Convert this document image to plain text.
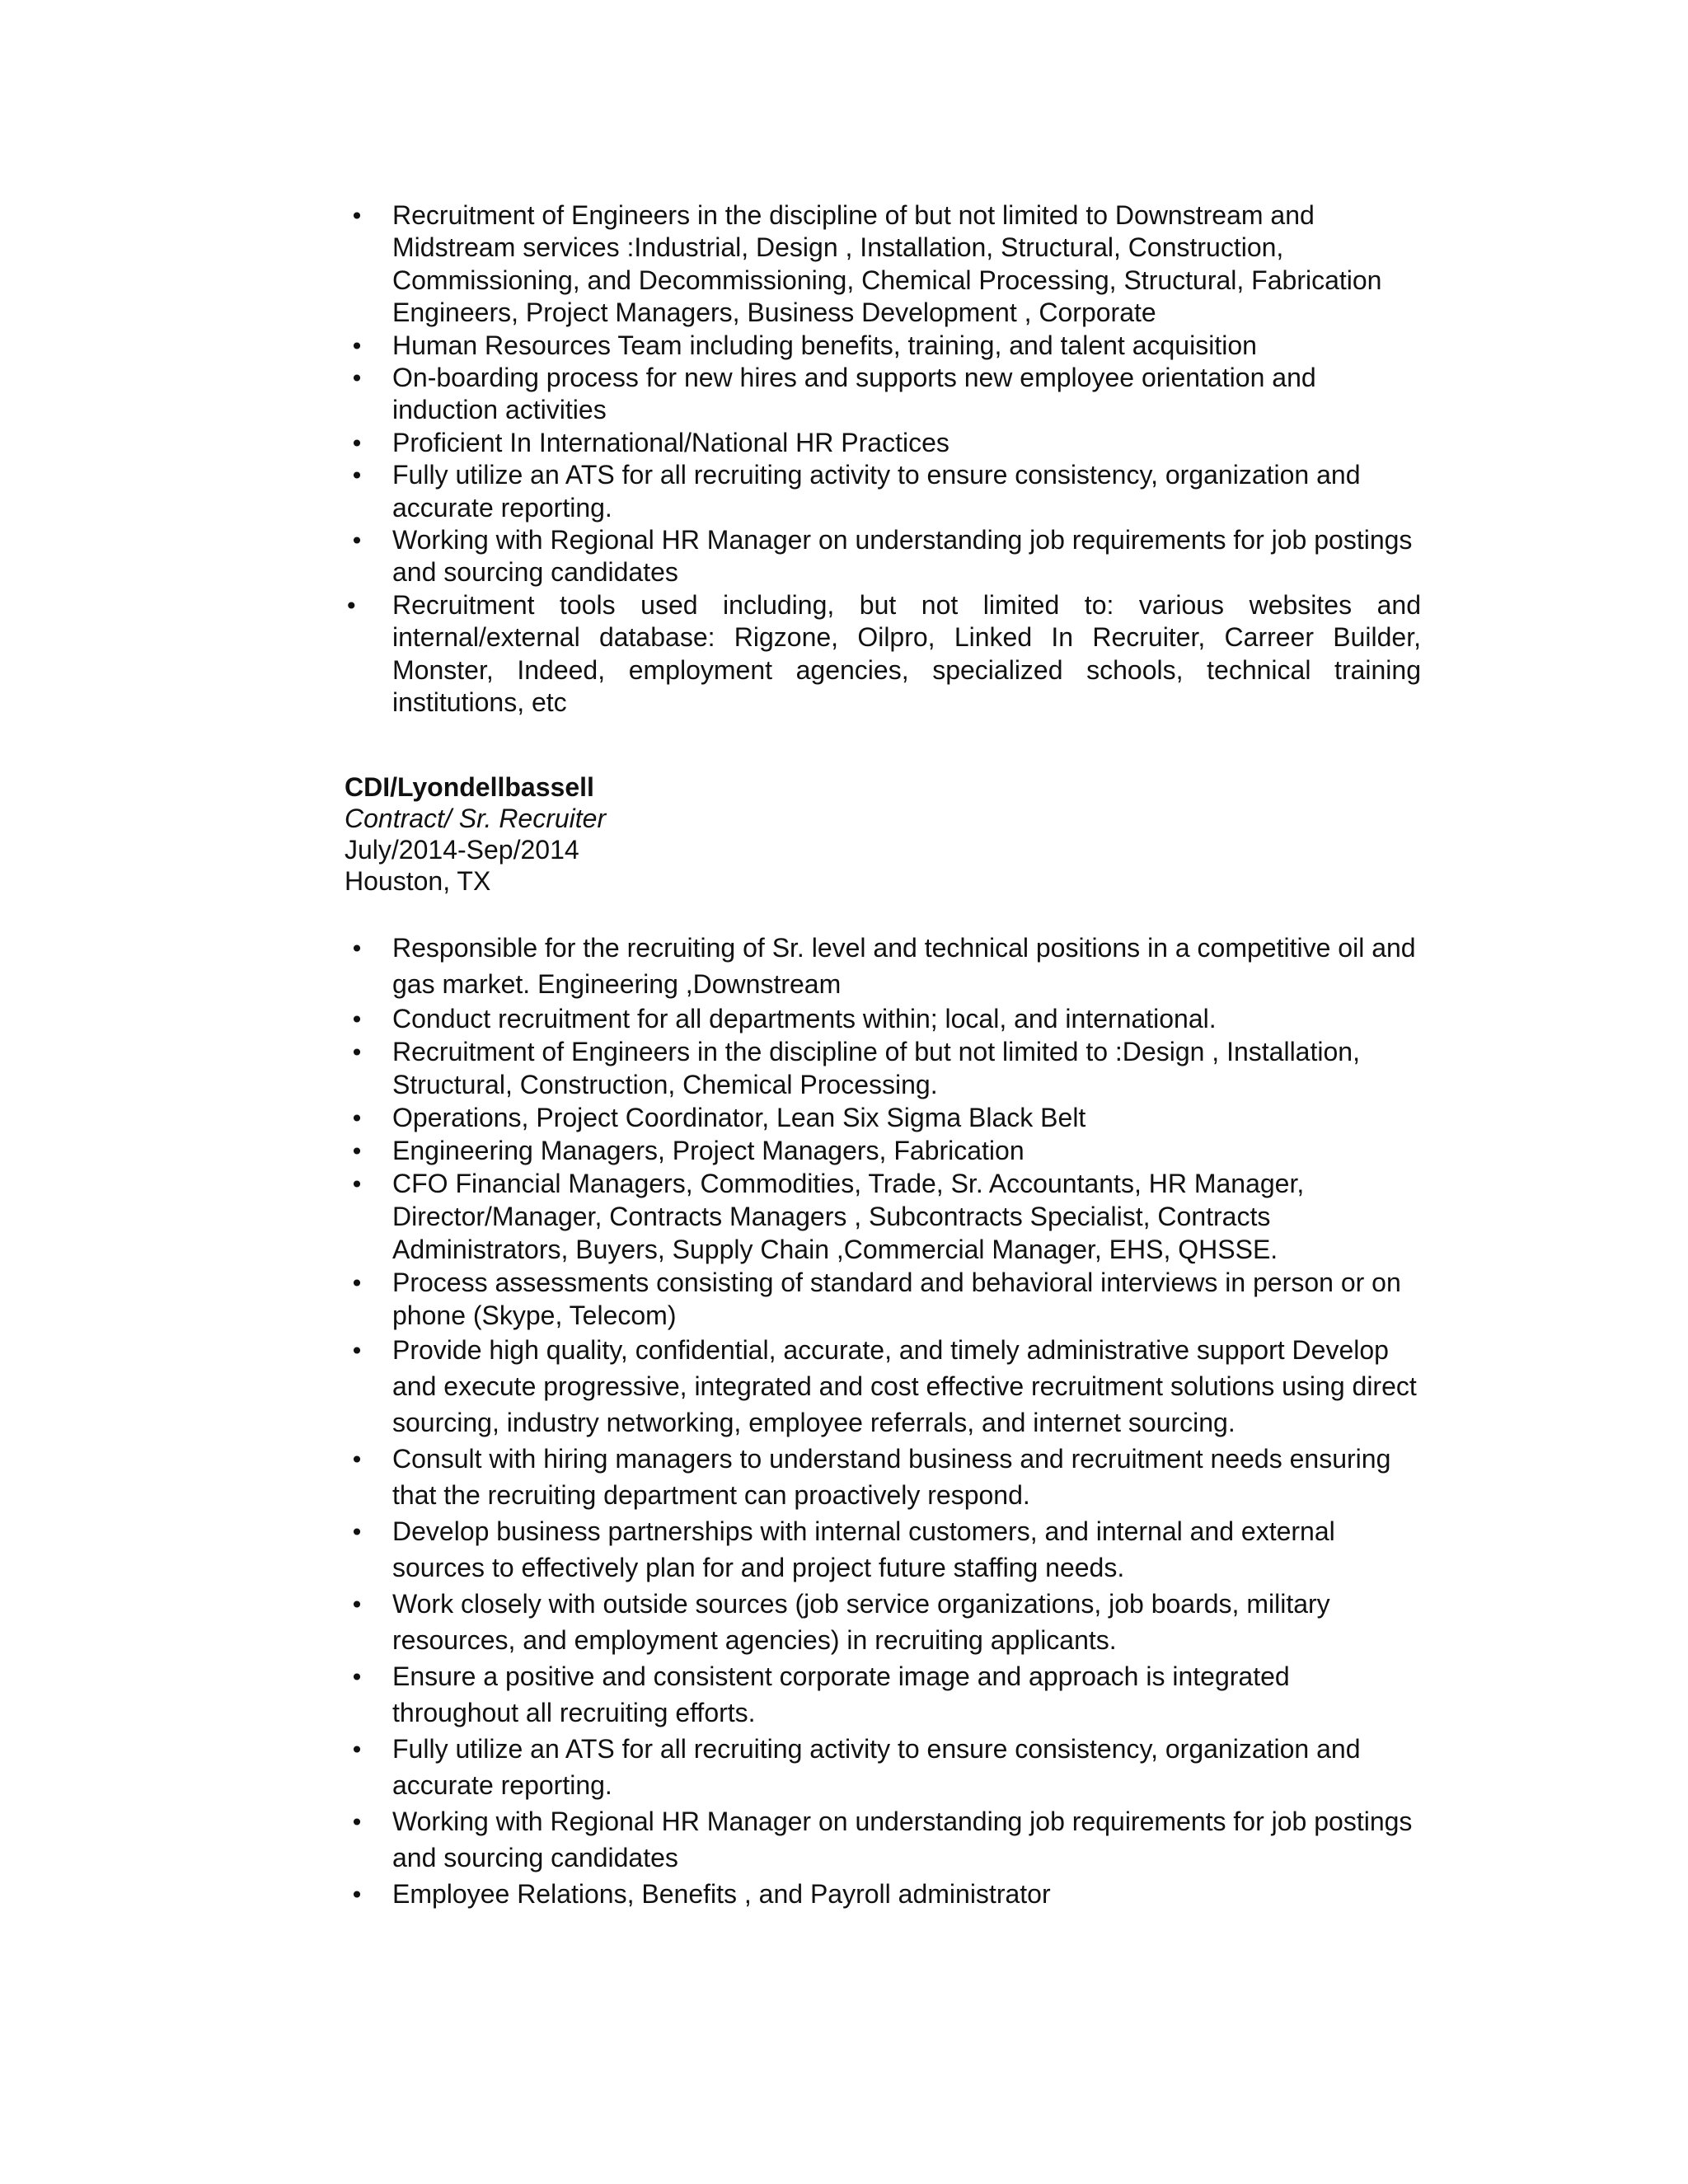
•
Recruitment of Engineers in the discipline of but not limited to Downstream and Midstream services :Industrial, Design , Installation, Structural, Construction, Commissioning, and Decommissioning, Chemical Processing, Structural, Fabrication Engineers, Project Managers, Business Development , Corporate
•
Human Resources Team including benefits, training, and talent acquisition
•
On-boarding process for new hires and supports new employee orientation and induction activities
•
Proficient In International/National HR Practices
•
Fully utilize an ATS for all recruiting activity to ensure consistency, organization and accurate reporting.
•
Working with Regional HR Manager on understanding job requirements for job postings and sourcing candidates
•
Recruitment tools used including, but not limited to: various websites and internal/external database: Rigzone, Oilpro, Linked In Recruiter, Carreer Builder, Monster, Indeed, employment agencies, specialized schools, technical training institutions, etc
CDI/Lyondellbassell
Contract/ Sr. Recruiter
July/2014-Sep/2014
Houston, TX
•
Responsible for the recruiting of Sr. level and technical positions in a competitive oil and gas market. Engineering ,Downstream
•
Conduct recruitment for all departments within; local, and international.
•
Recruitment of Engineers in the discipline of but not limited to :Design , Installation, Structural, Construction, Chemical Processing.
•
Operations, Project Coordinator, Lean Six Sigma Black Belt
•
Engineering Managers, Project Managers, Fabrication
•
CFO Financial Managers, Commodities, Trade, Sr. Accountants, HR Manager, Director/Manager, Contracts Managers , Subcontracts Specialist, Contracts Administrators, Buyers, Supply Chain ,Commercial Manager, EHS, QHSSE.
•
Process assessments consisting of standard and behavioral interviews in person or on phone (Skype, Telecom)
•
Provide high quality, confidential, accurate, and timely administrative support Develop and execute progressive, integrated and cost effective recruitment solutions using direct sourcing, industry networking, employee referrals, and internet sourcing.
•
Consult with hiring managers to understand business and recruitment needs ensuring that the recruiting department can proactively respond.
•
Develop business partnerships with internal customers, and internal and external sources to effectively plan for and project future staffing needs.
•
Work closely with outside sources (job service organizations, job boards, military resources, and employment agencies) in recruiting applicants.
•
Ensure a positive and consistent corporate image and approach is integrated throughout all recruiting efforts.
•
Fully utilize an ATS for all recruiting activity to ensure consistency, organization and accurate reporting.
•
Working with Regional HR Manager on understanding job requirements for job postings and sourcing candidates
•
Employee Relations, Benefits , and Payroll administrator
